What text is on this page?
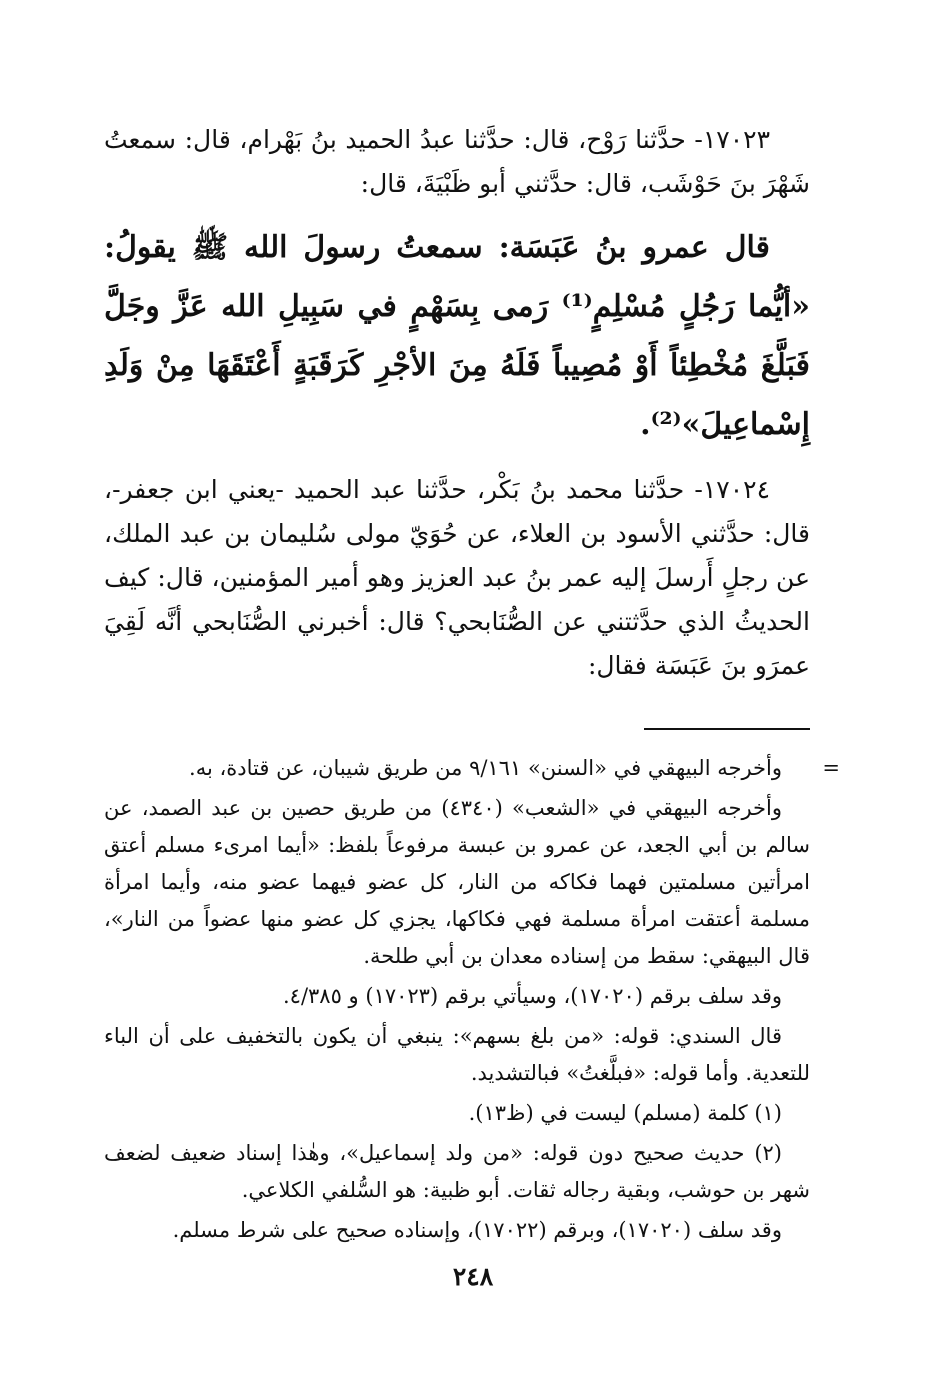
١٧٠٢٣- حدَّثنا رَوْح، قال: حدَّثنا عبدُ الحميد بنُ بَهْرام، قال: سمعتُ شَهْرَ بنَ حَوْشَب، قال: حدَّثني أبو ظَبْيَةَ، قال:

قال عمرو بنُ عَبَسَة: سمعتُ رسولَ الله ﷺ يقولُ: «أيُّما رَجُلٍ مُسْلِمٍ⁽¹⁾ رَمى بِسَهْمٍ في سَبِيلِ الله عَزَّ وجَلَّ فَبَلَّغَ مُخْطِئاً أَوْ مُصِيباً فَلَهُ مِنَ الأجْرِ كَرَقَبَةٍ أَعْتَقَهَا مِنْ وَلَدِ إِسْماعِيلَ»⁽²⁾.

١٧٠٢٤- حدَّثنا محمد بنُ بَكْر، حدَّثنا عبد الحميد -يعني ابن جعفر-، قال: حدَّثني الأسود بن العلاء، عن حُوَيّ مولى سُليمان بن عبد الملك، عن رجلٍ أَرسلَ إليه عمر بنُ عبد العزيز وهو أمير المؤمنين، قال: كيف الحديثُ الذي حدَّثتني عن الصُّنَابحي؟ قال: أخبرني الصُّنَابحي أنَّه لَقِيَ عمرَو بنَ عَبَسَة فقال:

=
وأخرجه البيهقي في «السنن» ٩/١٦١ من طريق شيبان، عن قتادة، به.

وأخرجه البيهقي في «الشعب» (٤٣٤٠) من طريق حصين بن عبد الصمد، عن سالم بن أبي الجعد، عن عمرو بن عبسة مرفوعاً بلفظ: «أيما امرىء مسلم أعتق امرأتين مسلمتين فهما فكاكه من النار، كل عضو فيهما عضو منه، وأيما امرأة مسلمة أعتقت امرأة مسلمة فهي فكاكها، يجزي كل عضو منها عضواً من النار»، قال البيهقي: سقط من إسناده معدان بن أبي طلحة.

وقد سلف برقم (١٧٠٢٠)، وسيأتي برقم (١٧٠٢٣) و ٤/٣٨٥.

قال السندي: قوله: «من بلغ بسهم»: ينبغي أن يكون بالتخفيف على أن الباء للتعدية. وأما قوله: «فبلَّغتُ» فبالتشديد.

(١) كلمة (مسلم) ليست في (ظ١٣).

(٢) حديث صحيح دون قوله: «من ولد إسماعيل»، وهٰذا إسناد ضعيف لضعف شهر بن حوشب، وبقية رجاله ثقات. أبو ظبية: هو السُّلفي الكلاعي.

وقد سلف (١٧٠٢٠)، وبرقم (١٧٠٢٢)، وإسناده صحيح على شرط مسلم.

٢٤٨
